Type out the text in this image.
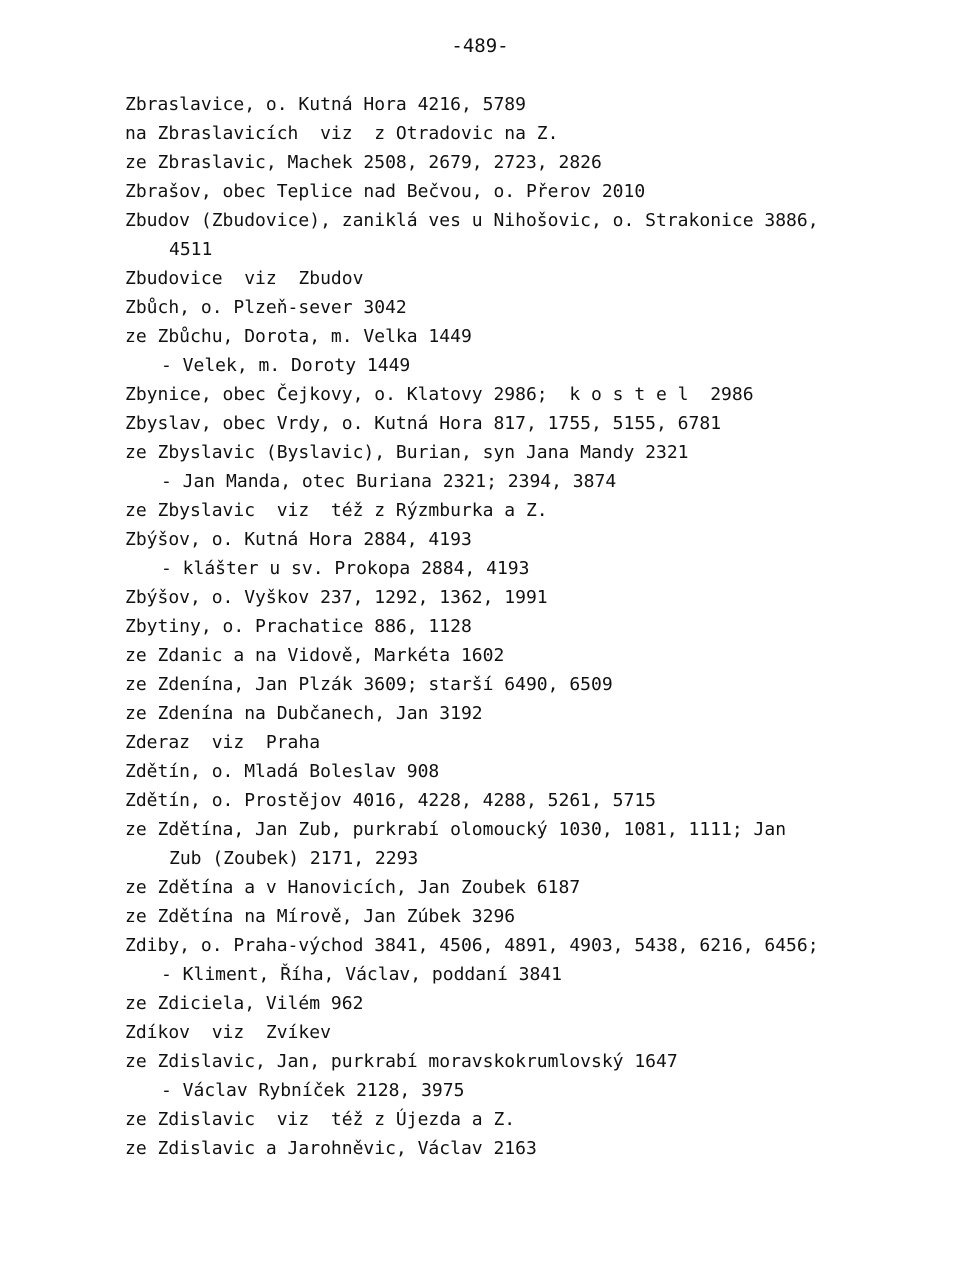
-489-
Zbraslavice, o. Kutná Hora 4216, 5789
na Zbraslavicích  viz  z Otradovic na Z.
ze Zbraslavic, Machek 2508, 2679, 2723, 2826
Zbrašov, obec Teplice nad Bečvou, o. Přerov 2010
Zbudov (Zbudovice), zaniklá ves u Nihošovic, o. Strakonice 3886,
4511
Zbudovice  viz  Zbudov
Zbůch, o. Plzeň-sever 3042
ze Zbůchu, Dorota, m. Velka 1449
- Velek, m. Doroty 1449
Zbynice, obec Čejkovy, o. Klatovy 2986;  k o s t e l  2986
Zbyslav, obec Vrdy, o. Kutná Hora 817, 1755, 5155, 6781
ze Zbyslavic (Byslavic), Burian, syn Jana Mandy 2321
- Jan Manda, otec Buriana 2321; 2394, 3874
ze Zbyslavic  viz  též z Rýzmburka a Z.
Zbýšov, o. Kutná Hora 2884, 4193
- klášter u sv. Prokopa 2884, 4193
Zbýšov, o. Vyškov 237, 1292, 1362, 1991
Zbytiny, o. Prachatice 886, 1128
ze Zdanic a na Vidově, Markéta 1602
ze Zdenína, Jan Plzák 3609; starší 6490, 6509
ze Zdenína na Dubčanech, Jan 3192
Zderaz  viz  Praha
Zdětín, o. Mladá Boleslav 908
Zdětín, o. Prostějov 4016, 4228, 4288, 5261, 5715
ze Zdětína, Jan Zub, purkrabí olomoucký 1030, 1081, 1111; Jan
Zub (Zoubek) 2171, 2293
ze Zdětína a v Hanovicích, Jan Zoubek 6187
ze Zdětína na Mírově, Jan Zúbek 3296
Zdiby, o. Praha-východ 3841, 4506, 4891, 4903, 5438, 6216, 6456;
- Kliment, Říha, Václav, poddaní 3841
ze Zdiciela, Vilém 962
Zdíkov  viz  Zvíkev
ze Zdislavic, Jan, purkrabí moravskokrumlovský 1647
- Václav Rybníček 2128, 3975
ze Zdislavic  viz  též z Újezda a Z.
ze Zdislavic a Jarohněvic, Václav 2163
